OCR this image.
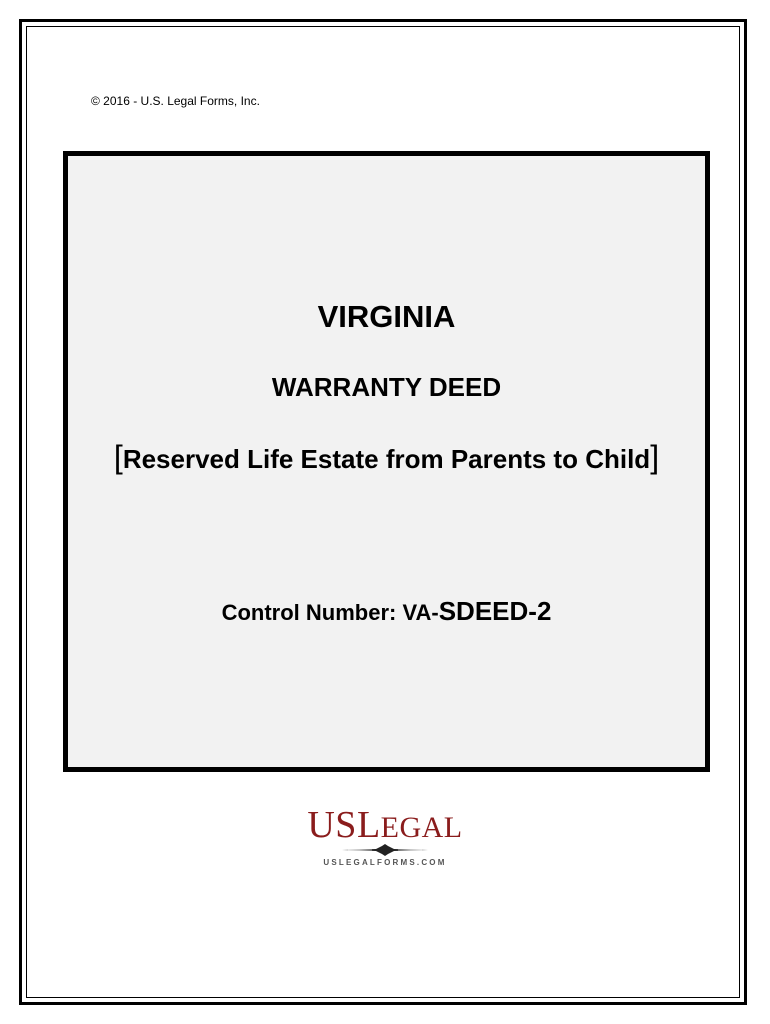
© 2016 - U.S. Legal Forms, Inc.
VIRGINIA
WARRANTY DEED
[Reserved Life Estate from Parents to Child]
Control Number: VA-SDEED-2
USLEGAL
USLEGALFORMS.COM
